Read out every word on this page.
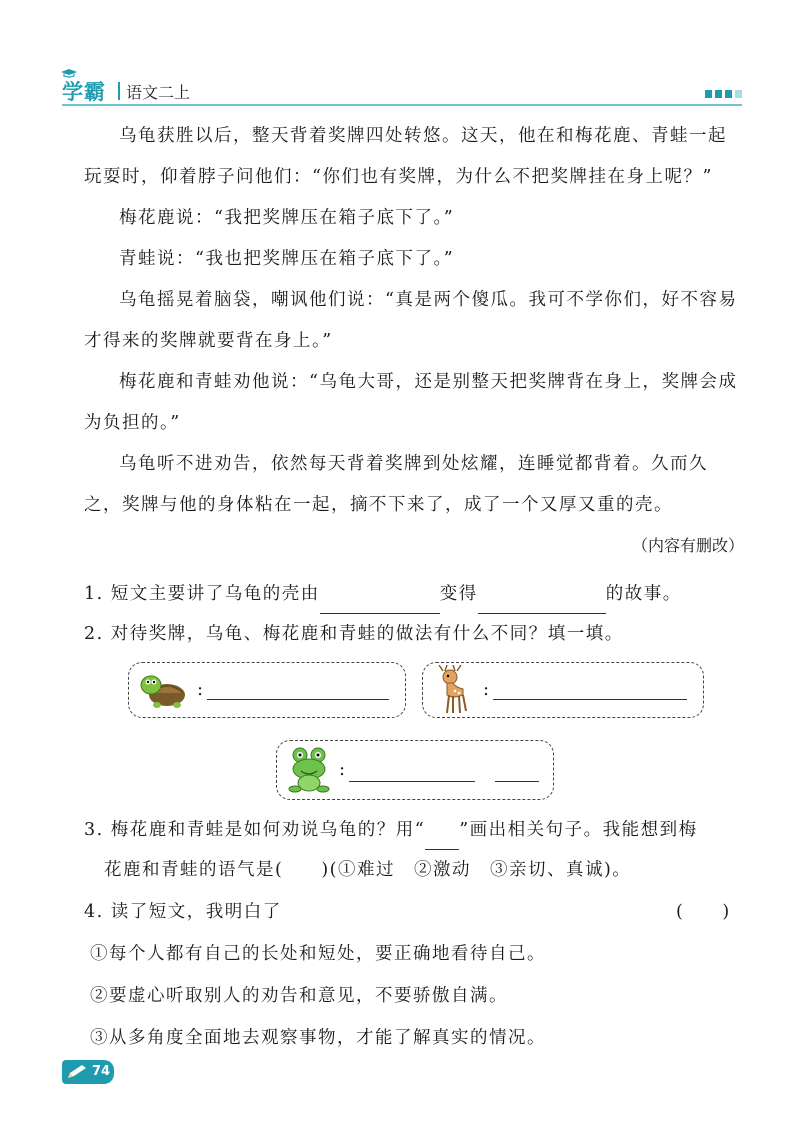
学霸 语文二上

乌龟获胜以后，整天背着奖牌四处转悠。这天，他在和梅花鹿、青蛙一起玩耍时，仰着脖子问他们：“你们也有奖牌，为什么不把奖牌挂在身上呢？”

梅花鹿说：“我把奖牌压在箱子底下了。”

青蛙说：“我也把奖牌压在箱子底下了。”

乌龟摇晃着脑袋，嘲讽他们说：“真是两个傻瓜。我可不学你们，好不容易才得来的奖牌就要背在身上。”

梅花鹿和青蛙劝他说：“乌龟大哥，还是别整天把奖牌背在身上，奖牌会成为负担的。”

乌龟听不进劝告，依然每天背着奖牌到处炫耀，连睡觉都背着。久而久之，奖牌与他的身体粘在一起，摘不下来了，成了一个又厚又重的壳。

（内容有删改）

1. 短文主要讲了乌龟的壳由	变得	的故事。
2. 对待奖牌，乌龟、梅花鹿和青蛙的做法有什么不同？填一填。
:	:
:
3. 梅花鹿和青蛙是如何劝说乌龟的？用“ ”画出相关句子。我能想到梅
花鹿和青蛙的语气是(　　)(①难过　②激动　③亲切、真诚)。
4. 读了短文，我明白了	(　　)
①每个人都有自己的长处和短处，要正确地看待自己。
②要虚心听取别人的劝告和意见，不要骄傲自满。
③从多角度全面地去观察事物，才能了解真实的情况。
74
